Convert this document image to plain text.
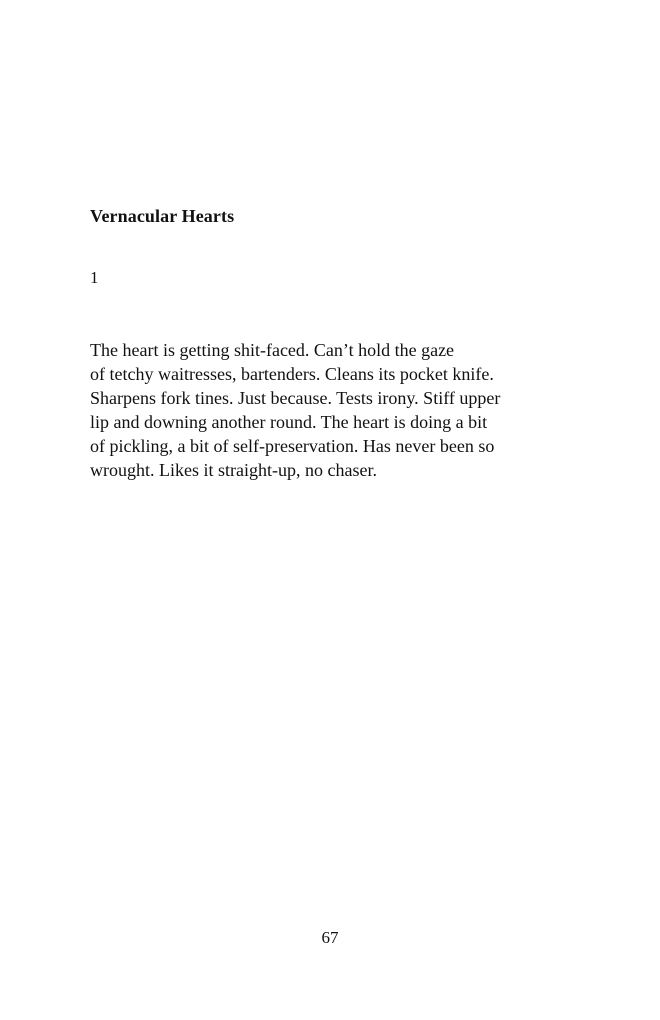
Vernacular Hearts
1
The heart is getting shit-faced. Can’t hold the gaze
of tetchy waitresses, bartenders. Cleans its pocket knife.
Sharpens fork tines. Just because. Tests irony. Stiff upper
lip and downing another round. The heart is doing a bit
of pickling, a bit of self-preservation. Has never been so
wrought. Likes it straight-up, no chaser.
67
